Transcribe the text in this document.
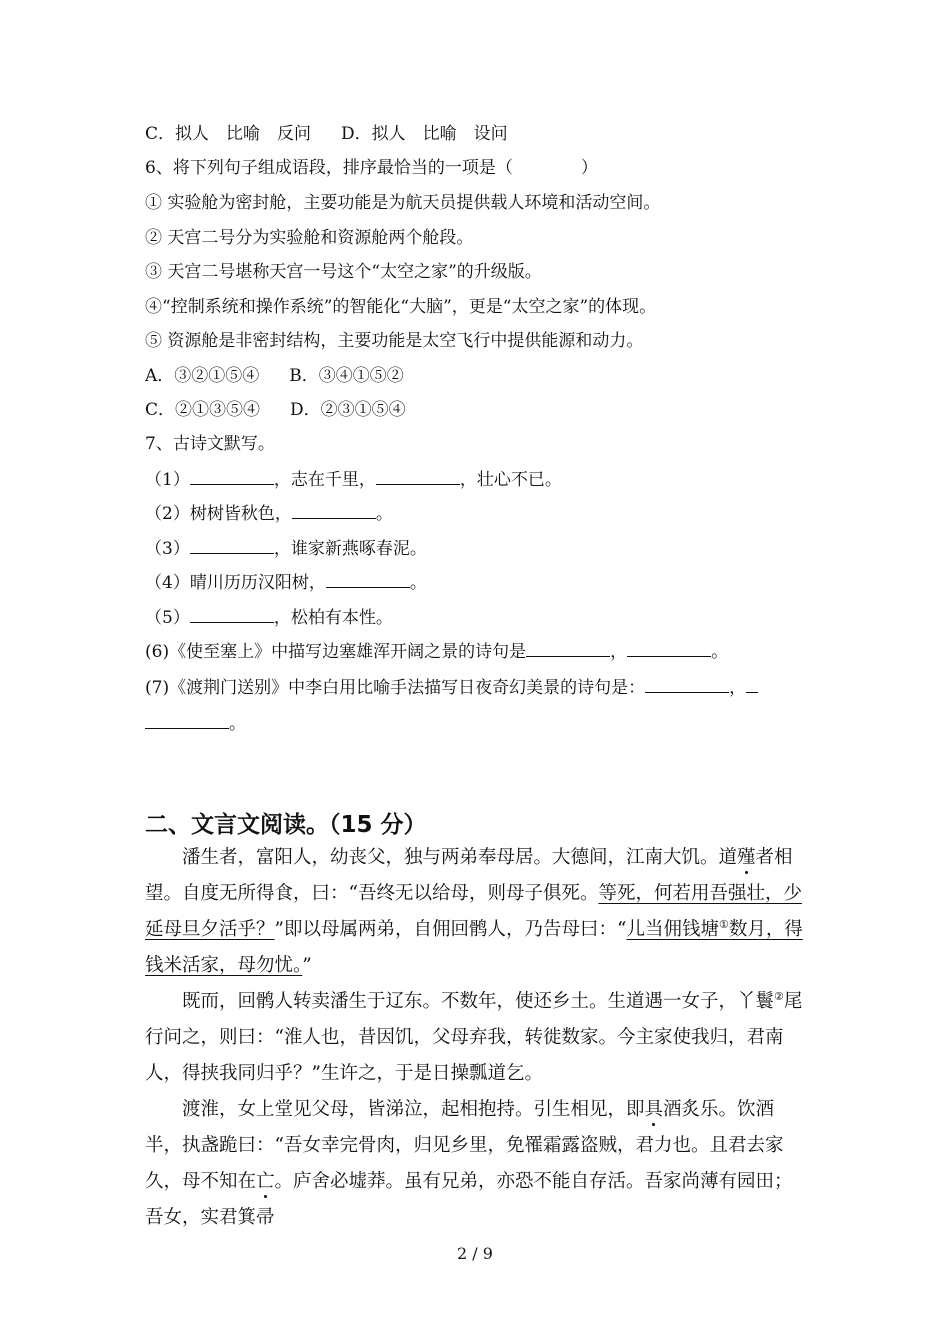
C．拟人　比喻　反问 D．拟人　比喻　设问
6、将下列句子组成语段，排序最恰当的一项是（　　　　）
① 实验舱为密封舱，主要功能是为航天员提供载人环境和活动空间。
② 天宫二号分为实验舱和资源舱两个舱段。
③ 天宫二号堪称天宫一号这个“太空之家”的升级版。
④“控制系统和操作系统”的智能化“大脑”，更是“太空之家”的体现。
⑤ 资源舱是非密封结构，主要功能是太空飞行中提供能源和动力。
A．③②①⑤④ B．③④①⑤②
C．②①③⑤④ D．②③①⑤④
7、古诗文默写。
（1）	，志在千里，	，壮心不已。
（2）树树皆秋色，	。
（3）	，谁家新燕啄春泥。
（4）晴川历历汉阳树，	。
（5）	，松柏有本性。
(6)《使至塞上》中描写边塞雄浑开阔之景的诗句是	，	。
(7)《渡荆门送别》中李白用比喻手法描写日夜奇幻美景的诗句是：	，
。
二、文言文阅读。（15 分）
潘生者，富阳人，幼丧父，独与两弟奉母居。大德间，江南大饥。道殣者相望。自度无所得食，曰：“吾终无以给母，则母子俱死。等死，何若用吾强壮，少延母旦夕活乎？”即以母属两弟，自佣回鹘人，乃告母曰：“儿当佣钱塘①数月，得钱米活家，母勿忧。”
既而，回鹘人转卖潘生于辽东。不数年，使还乡土。生道遇一女子，丫鬟②尾行问之，则曰：“淮人也，昔因饥，父母弃我，转徙数家。今主家使我归，君南人，得挟我同归乎？”生许之，于是日操瓢道乞。
渡淮，女上堂见父母，皆涕泣，起相抱持。引生相见，即具酒炙乐。饮酒半，执盏跪曰：“吾女幸完骨肉，归见乡里，免罹霜露盗贼，君力也。且君去家久，母不知在亡。庐舍必墟莽。虽有兄弟，亦恐不能自存活。吾家尚薄有园田；吾女，实君箕帚
2 / 9
